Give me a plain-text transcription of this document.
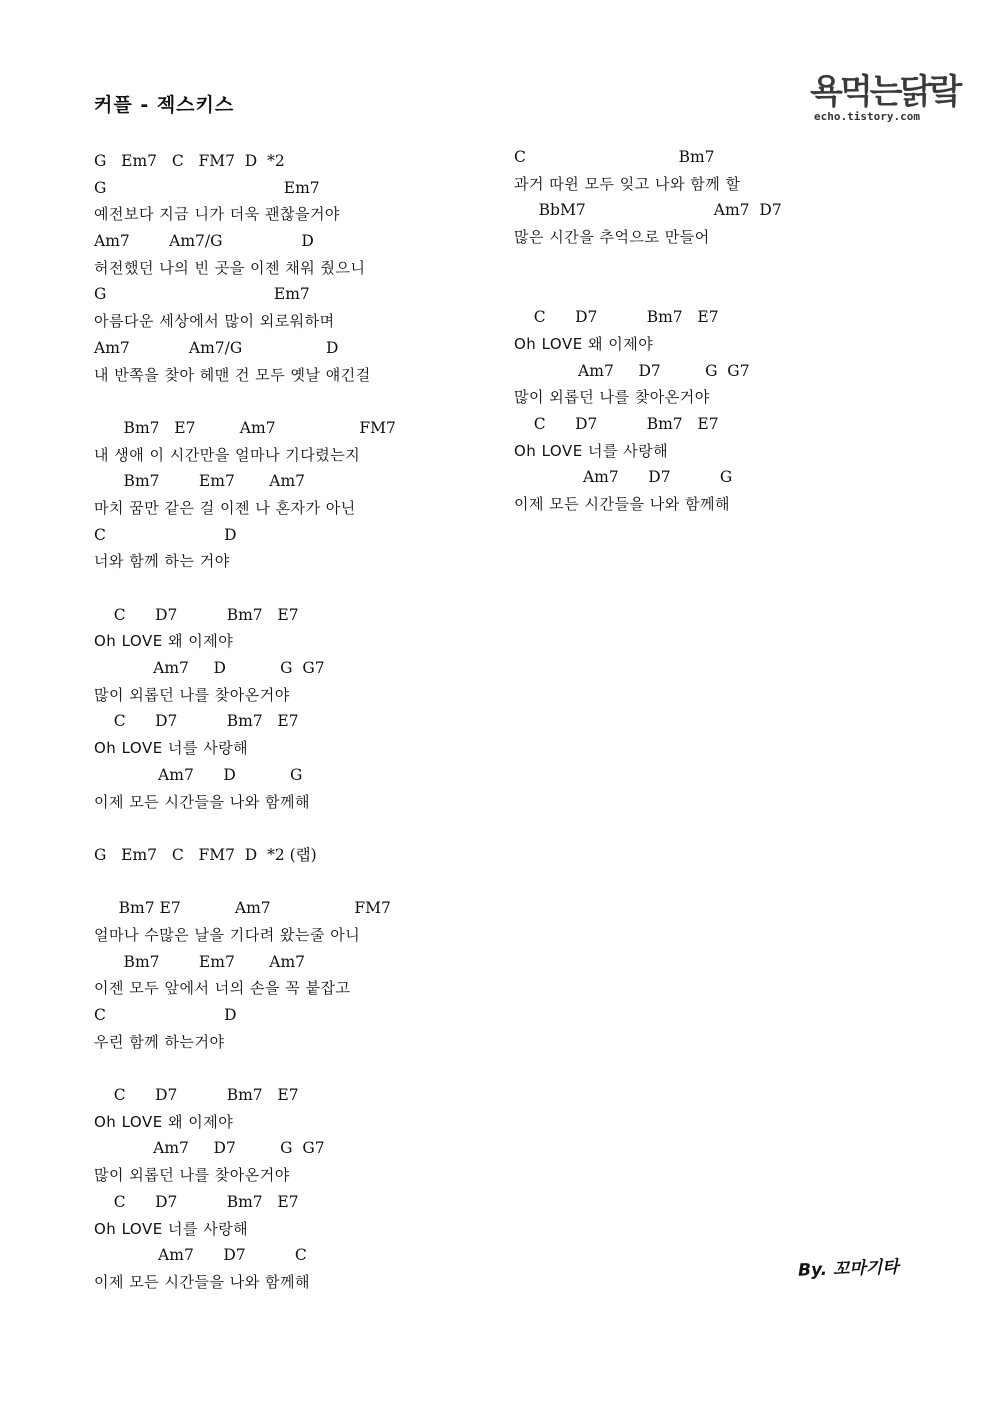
커플 - 젝스키스	욕먹는닭랔
echo.tistory.com
G   Em7   C   FM7  D  *2
G                                    Em7
예전보다 지금 니가 더욱 괜찮을거야
Am7        Am7/G                D
허전했던 나의 빈 곳을 이젠 채워 줬으니
G                                  Em7
아름다운 세상에서 많이 외로워하며
Am7            Am7/G                 D
내 반쪽을 찾아 헤맨 건 모두 옛날 얘긴걸
Bm7   E7         Am7                 FM7
내 생애 이 시간만을 얼마나 기다렸는지
Bm7        Em7       Am7
마치 꿈만 같은 걸 이젠 나 혼자가 아닌
C                        D
너와 함께 하는 거야
C      D7          Bm7   E7
Oh LOVE 왜 이제야
Am7     D           G  G7
많이 외롭던 나를 찾아온거야
C      D7          Bm7   E7
Oh LOVE 너를 사랑해
Am7      D           G
이제 모든 시간들을 나와 함께해
G   Em7   C   FM7  D  *2 (랩)
Bm7 E7           Am7                 FM7
얼마나 수많은 날을 기다려 왔는줄 아니
Bm7        Em7       Am7
이젠 모두 앞에서 너의 손을 꼭 붙잡고
C                        D
우린 함께 하는거야
C      D7          Bm7   E7
Oh LOVE 왜 이제야
Am7     D7         G  G7
많이 외롭던 나를 찾아온거야
C      D7          Bm7   E7
Oh LOVE 너를 사랑해
Am7      D7          C
이제 모든 시간들을 나와 함께해
C                               Bm7
과거 따윈 모두 잊고 나와 함께 할
BbM7                          Am7  D7
많은 시간을 추억으로 만들어
C      D7          Bm7   E7
Oh LOVE 왜 이제야
Am7     D7         G  G7
많이 외롭던 나를 찾아온거야
C      D7          Bm7   E7
Oh LOVE 너를 사랑해
Am7      D7          G
이제 모든 시간들을 나와 함께해
By. 꼬마기타
